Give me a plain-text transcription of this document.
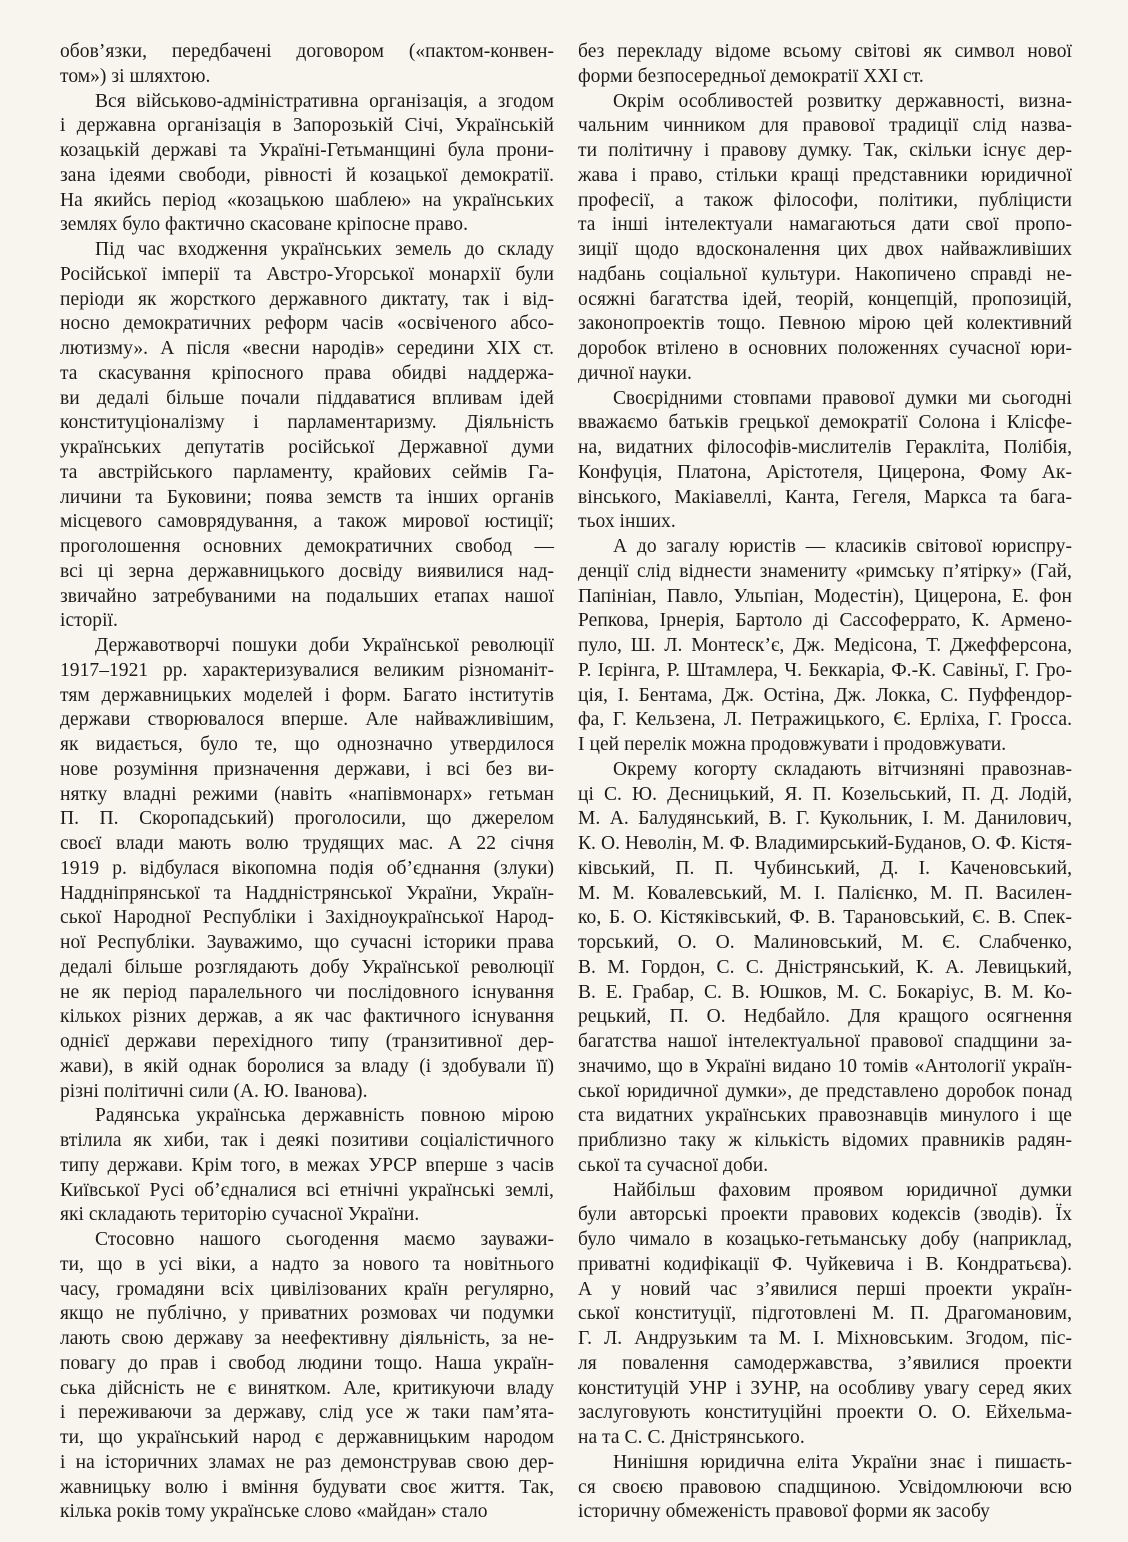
обов’язки, передбачені договором («пактом-конвен-
том») зі шляхтою.
Вся військово-адміністративна організація, а згодом
і державна організація в Запорозькій Січі, Українській
козацькій державі та Україні-Гетьманщині була прони-
зана ідеями свободи, рівності й козацької демократії.
На якийсь період «козацькою шаблею» на українських
землях було фактично скасоване кріпосне право.
Під час входження українських земель до складу
Російської імперії та Австро-Угорської монархії були
періоди як жорсткого державного диктату, так і від-
носно демократичних реформ часів «освіченого абсо-
лютизму». А після «весни народів» середини XIX ст.
та скасування кріпосного права обидві наддержа-
ви дедалі більше почали піддаватися впливам ідей
конституціоналізму і парламентаризму. Діяльність
українських депутатів російської Державної думи
та австрійського парламенту, крайових сеймів Га-
личини та Буковини; поява земств та інших органів
місцевого самоврядування, а також мирової юстиції;
проголошення основних демократичних свобод —
всі ці зерна державницького досвіду виявилися над-
звичайно затребуваними на подальших етапах нашої
історії.
Державотворчі пошуки доби Української революції
1917–1921 рр. характеризувалися великим різноманіт-
тям державницьких моделей і форм. Багато інститутів
держави створювалося вперше. Але найважливішим,
як видається, було те, що однозначно утвердилося
нове розуміння призначення держави, і всі без ви-
нятку владні режими (навіть «напівмонарх» гетьман
П. П. Скоропадський) проголосили, що джерелом
своєї влади мають волю трудящих мас. А 22 січня
1919 р. відбулася вікопомна подія об’єднання (злуки)
Наддніпрянської та Наддністрянської України, Україн-
ської Народної Республіки і Західноукраїнської Народ-
ної Республіки. Зауважимо, що сучасні історики права
дедалі більше розглядають добу Української революції
не як період паралельного чи послідовного існування
кількох різних держав, а як час фактичного існування
однієї держави перехідного типу (транзитивної дер-
жави), в якій однак боролися за владу (і здобували її)
різні політичні сили (А. Ю. Іванова).
Радянська українська державність повною мірою
втілила як хиби, так і деякі позитиви соціалістичного
типу держави. Крім того, в межах УРСР вперше з часів
Київської Русі об’єдналися всі етнічні українські землі,
які складають територію сучасної України.
Стосовно нашого сьогодення маємо зауважи-
ти, що в усі віки, а надто за нового та новітнього
часу, громадяни всіх цивілізованих країн регулярно,
якщо не публічно, у приватних розмовах чи подумки
лають свою державу за неефективну діяльність, за не-
повагу до прав і свобод людини тощо. Наша україн-
ська дійсність не є винятком. Але, критикуючи владу
і переживаючи за державу, слід усе ж таки пам’ята-
ти, що український народ є державницьким народом
і на історичних зламах не раз демонстрував свою дер-
жавницьку волю і вміння будувати своє життя. Так,
кілька років тому українське слово «майдан» стало
без перекладу відоме всьому світові як символ нової
форми безпосередньої демократії XXI ст.
Окрім особливостей розвитку державності, визна-
чальним чинником для правової традиції слід назва-
ти політичну і правову думку. Так, скільки існує дер-
жава і право, стільки кращі представники юридичної
професії, а також філософи, політики, публіцисти
та інші інтелектуали намагаються дати свої пропо-
зиції щодо вдосконалення цих двох найважливіших
надбань соціальної культури. Накопичено справді не-
осяжні багатства ідей, теорій, концепцій, пропозицій,
законопроектів тощо. Певною мірою цей колективний
доробок втілено в основних положеннях сучасної юри-
дичної науки.
Своєрідними стовпами правової думки ми сьогодні
вважаємо батьків грецької демократії Солона і Клісфе-
на, видатних філософів-мислителів Геракліта, Полібія,
Конфуція, Платона, Арістотеля, Цицерона, Фому Ак-
вінського, Макіавеллі, Канта, Гегеля, Маркса та бага-
тьох інших.
А до загалу юристів — класиків світової юриспру-
денції слід віднести знамениту «римську п’ятірку» (Гай,
Папініан, Павло, Ульпіан, Модестін), Цицерона, Е. фон
Репкова, Ірнерія, Бартоло ді Сассоферрато, К. Армено-
пуло, Ш. Л. Монтеск’є, Дж. Медісона, Т. Джефферсона,
Р. Ієрінга, Р. Штамлера, Ч. Беккаріа, Ф.-К. Савіньї, Г. Гро-
ція, І. Бентама, Дж. Остіна, Дж. Локка, С. Пуффендор-
фа, Г. Кельзена, Л. Петражицького, Є. Ерліха, Г. Гросса.
І цей перелік можна продовжувати і продовжувати.
Окрему когорту складають вітчизняні правознав-
ці С. Ю. Десницький, Я. П. Козельський, П. Д. Лодій,
М. А. Балудянський, В. Г. Кукольник, І. М. Данилович,
К. О. Неволін, М. Ф. Владимирський-Буданов, О. Ф. Кістя-
ківський, П. П. Чубинський, Д. І. Каченовський,
М. М. Ковалевський, М. І. Палієнко, М. П. Василен-
ко, Б. О. Кістяківський, Ф. В. Тарановський, Є. В. Спек-
торський, О. О. Малиновський, М. Є. Слабченко,
В. М. Гордон, С. С. Дністрянський, К. А. Левицький,
В. Е. Грабар, С. В. Юшков, М. С. Бокаріус, В. М. Ко-
рецький, П. О. Недбайло. Для кращого осягнення
багатства нашої інтелектуальної правової спадщини за-
значимо, що в Україні видано 10 томів «Антології україн-
ської юридичної думки», де представлено доробок понад
ста видатних українських правознавців минулого і ще
приблизно таку ж кількість відомих правників радян-
ської та сучасної доби.
Найбільш фаховим проявом юридичної думки
були авторські проекти правових кодексів (зводів). Їх
було чимало в козацько-гетьманську добу (наприклад,
приватні кодифікації Ф. Чуйкевича і В. Кондратьєва).
А у новий час з’явилися перші проекти україн-
ської конституції, підготовлені М. П. Драгомановим,
Г. Л. Андрузьким та М. І. Міхновським. Згодом, піс-
ля повалення самодержавства, з’явилися проекти
конституцій УНР і ЗУНР, на особливу увагу серед яких
заслуговують конституційні проекти О. О. Ейхельма-
на та С. С. Дністрянського.
Нинішня юридична еліта України знає і пишаєть-
ся своєю правовою спадщиною. Усвідомлюючи всю
історичну обмеженість правової форми як засобу
